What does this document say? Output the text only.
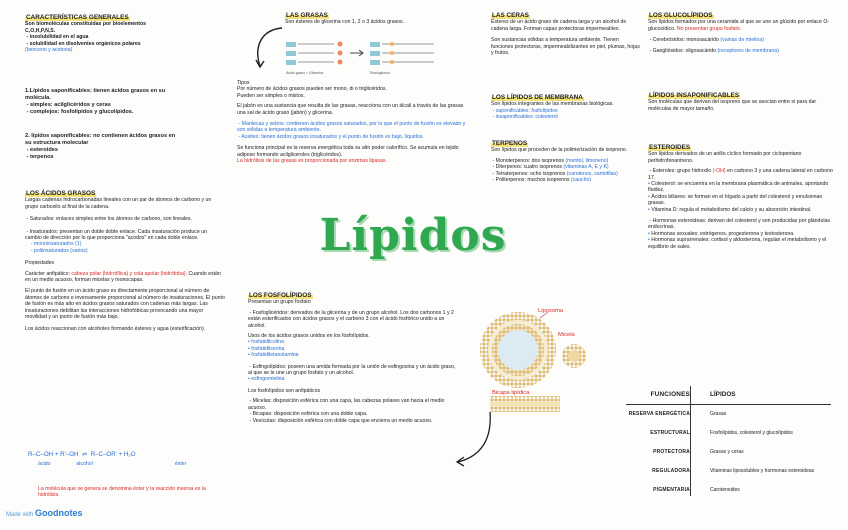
CARACTERÍSTICAS GENERALES
Son biomoléculas constituidas por bioelementos
C,O,H,P,N,S.
- insolubilidad en el agua
- solubilidad en disolventes orgánicos polares
(benceno y acetona)
1.Lípidos saponificables: tienen ácidos grasos en su
molécula.
- simples: acilglicéridos y ceras
- complejos: fosfolípidos y glucolípidos.
2. lípidos saponificables: no contienen ácidos grasos en
su estructura molecular
- esteroides
- terpenos
LOS ÁCIDOS GRASOS
Largas cadenas hidrocarbonadas lineales con un par de átomos de carbono y un grupo carboxilo al final de la cadena.
- Saturados: enlaces simples entre los átomos de carbono, son lineales.
- Insaturados: presentan un doble doble enlace. Cada insaturación produce un cambio de dirección por lo que proporciona "acodos" en cada doble enlace.
- monoinsaturados (1)
- poliinsaturados (varios)
Propiedades
Carácter anfipático: cabeza polar (hidrofílica) y cola apolar (hidrófoba). Cuando están en un medio acuoso, forman micelas y monocapas.
El punto de fusión en un ácido graso es directamente proporcional al número de átomos de carbono e inversamente proporcional al número de insaturaciones. El punto de fusión es más alto en ácidos grasos saturados con cadenas más largas. Las insaturaciones debilitan las interacciones hidrofóbicas provocando una mayor movilidad y un punto de fusión más bajo.
Los ácidos reaccionan con alcoholes formando ésteres y agua (esterificación).
R–C–OH + R'–OH  ⇌  R–C–OR' + H₂O
ácido	alcohol	éster
La molécula que se genera se denomina éster y la reacción inversa es la hidrólisis.
LAS GRASAS
Son ésteres de glicerina con 1, 2 o 3 ácidos grasos.
Ácido graso + Glicerina	Triacilglicerol
Tipos
Por número de ácidos grasos pueden ser mono, di o triglicéridos.
Pueden ser simples o mixtos.
El jabón es una sustancia que resulta de las grasas, reacciona con un álcali a través de las grasas una sal de ácido graso (jabón) y glicerina.
- Mantecas y sebos: contienen ácidos grasos saturados, por lo que el punto de fusión es elevado y son sólidas a temperatura ambiente.
- Aceites: tienen ácidos grasos insaturados y el punto de fusión es bajo, líquidos.
Se funciona principal es la reserva energética toda su alto poder calorífico. Se acumula en tejido adiposo formando acilgliceroles (triglicéridos).
La hidrólisis de las grasas es proporcionada por enzimas lipasas.
LOS FOSFOLÍPIDOS
Presentan un grupo fosfato
- Fosfoglicéridos: derivados de la glicerina y de un grupo alcohol. Los dos carbonos 1 y 2 están esterificados con ácidos grasos y el carbono 3 con el ácido fosfórico unido a un alcohol.
Usos de los ácidos grasos unidos en los fosfolípidos.
• fosfatidilcolina
• fosfatidilserina
• fosfatidiletanolamina
- Esfingolípidos: poseen una amida formada por la unión de esfingosina y un ácido graso, al que se le une un grupo fosfato y un alcohol.
• esfingomielina
Los fosfolípidos son anfipáticos
- Micelas: disposición esférica con una capa, las cabezas polares van hacia el medio acuoso.
- Bicapas: disposición esférica con una doble capa.
- Vesículas: disposición esférica con doble capa que encierra un medio acuoso.
Liposoma
Micela
Bicapa lipídica
Lípidos
LAS CERAS
Ésteres de un ácido graso de cadena larga y un alcohol de cadena larga. Forman capas protectoras impermeables.
Son sustancias sólidas a temperatura ambiente. Tienen funciones protectoras, impermeabilizantes en piel, plumas, hojas y frutos.
LOS LÍPIDOS DE MEMBRANA
Son lípidos integrantes de las membranas biológicas.
- saponificables: fosfolípidos
- insaponificables: colesterol
TERPENOS
Son lípidos que proceden de la polimerización de isopreno.
- Monoterpenos: dos isoprenos (mentol, limoneno)
- Diterpenos: cuatro isoprenos (vitaminas A, E y K)
- Tetraterpenos: ocho isoprenos (carotenos, xantofilas)
- Politerpenos: muchos isoprenos (caucho)
LOS GLUCOLÍPIDOS
Son lípidos formados por una ceramida al que se une un glúcido por enlace O-glucosídico. No presentan grupo fosfato.
- Cerebrósidos: monosacárido (vainas de mielina)
- Gangliósidos: oligosacárido (receptores de membrana)
LÍPIDOS INSAPONIFICABLES
Son moléculas que derivan del isopreno que se asocian entre sí para dar moléculas de mayor tamaño.
ESTEROIDES
Son lípidos derivados de un anillo cíclico formado por ciclopentano perhidrofenantreno.
- Esteroles: grupo hidroxilo (-OH) en carbono 3 y una cadena lateral en carbono 17.
• Colesterol: se encuentra en la membrana plasmática de animales, aportando fluidez.
• Ácidos biliares: se forman en el hígado a partir del colesterol y emulsionan grasas.
• Vitamina D: regula el metabolismo del calcio y su absorción intestinal.
- Hormonas esteroideas: derivan del colesterol y son producidas por glándulas endocrinas.
• Hormonas sexuales: estrógenos, progesterona y testosterona.
• Hormonas suprarrenales: cortisol y aldosterona, regulan el metabolismo y el equilibrio de sales.
FUNCIONES	LÍPIDOS
RESERVA ENERGÉTICA	Grasas
ESTRUCTURAL	Fosfolípidos, colesterol y glucolípidos
PROTECTORA	Grasas y ceras
REGULADORA	Vitaminas liposolubles y hormonas esteroideas
PIGMENTARIA	Carotenoides
Made with Goodnotes
